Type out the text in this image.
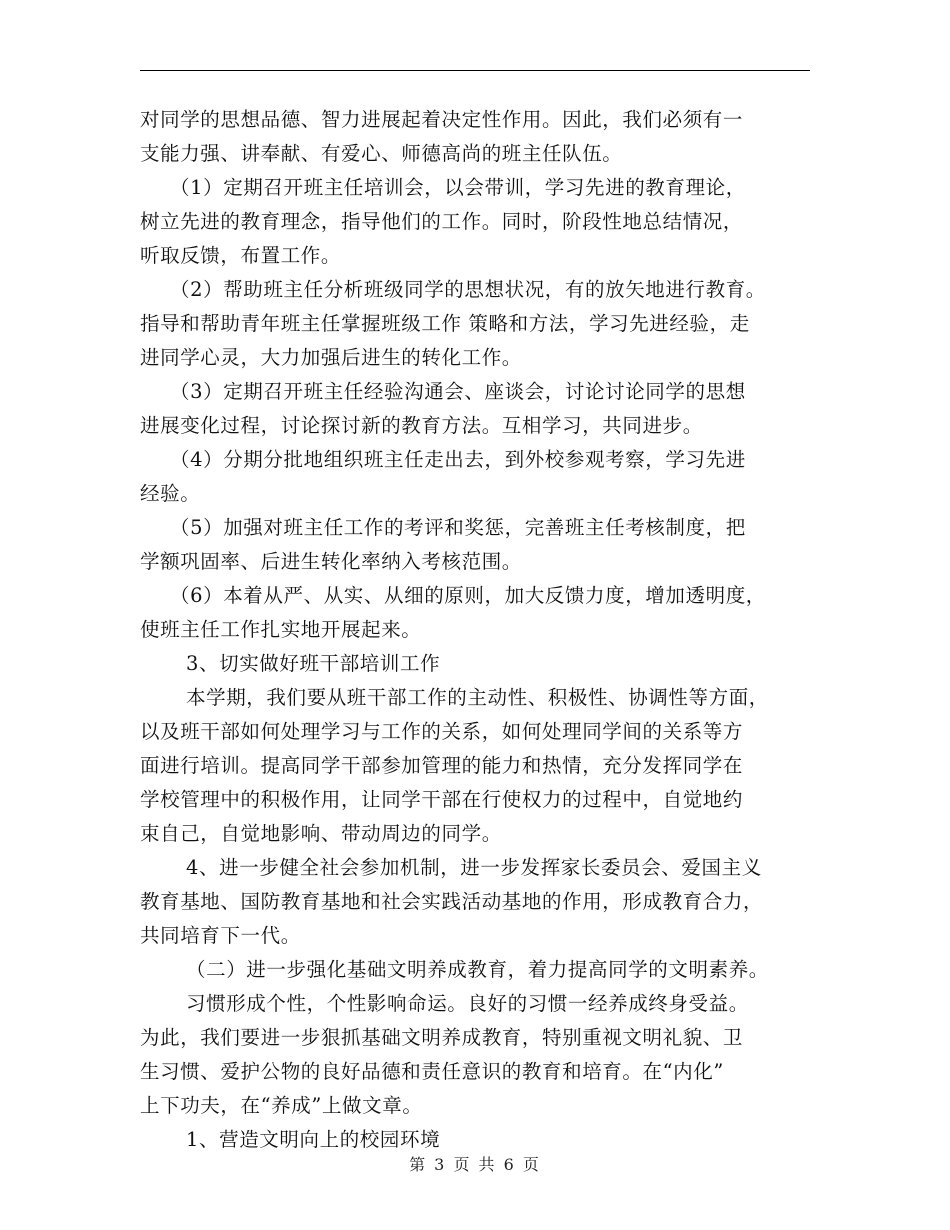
对同学的思想品德、智力进展起着决定性作用。因此，我们必须有一
支能力强、讲奉献、有爱心、师德高尚的班主任队伍。
（1）定期召开班主任培训会，以会带训，学习先进的教育理论，
树立先进的教育理念，指导他们的工作。同时，阶段性地总结情况，
听取反馈，布置工作。
（2）帮助班主任分析班级同学的思想状况，有的放矢地进行教育。
指导和帮助青年班主任掌握班级工作 策略和方法，学习先进经验，走
进同学心灵，大力加强后进生的转化工作。
（3）定期召开班主任经验沟通会、座谈会，讨论讨论同学的思想
进展变化过程，讨论探讨新的教育方法。互相学习，共同进步。
（4）分期分批地组织班主任走出去，到外校参观考察，学习先进
经验。
（5）加强对班主任工作的考评和奖惩，完善班主任考核制度，把
学额巩固率、后进生转化率纳入考核范围。
（6）本着从严、从实、从细的原则，加大反馈力度，增加透明度，
使班主任工作扎实地开展起来。
3、切实做好班干部培训工作
本学期，我们要从班干部工作的主动性、积极性、协调性等方面，
以及班干部如何处理学习与工作的关系，如何处理同学间的关系等方
面进行培训。提高同学干部参加管理的能力和热情，充分发挥同学在
学校管理中的积极作用，让同学干部在行使权力的过程中，自觉地约
束自己，自觉地影响、带动周边的同学。
4、进一步健全社会参加机制，进一步发挥家长委员会、爱国主义
教育基地、国防教育基地和社会实践活动基地的作用，形成教育合力，
共同培育下一代。
（二）进一步强化基础文明养成教育，着力提高同学的文明素养。
习惯形成个性，个性影响命运。良好的习惯一经养成终身受益。
为此，我们要进一步狠抓基础文明养成教育，特别重视文明礼貌、卫
生习惯、爱护公物的良好品德和责任意识的教育和培育。在“内化”
上下功夫，在“养成”上做文章。
1、营造文明向上的校园环境
第 3 页 共 6 页
